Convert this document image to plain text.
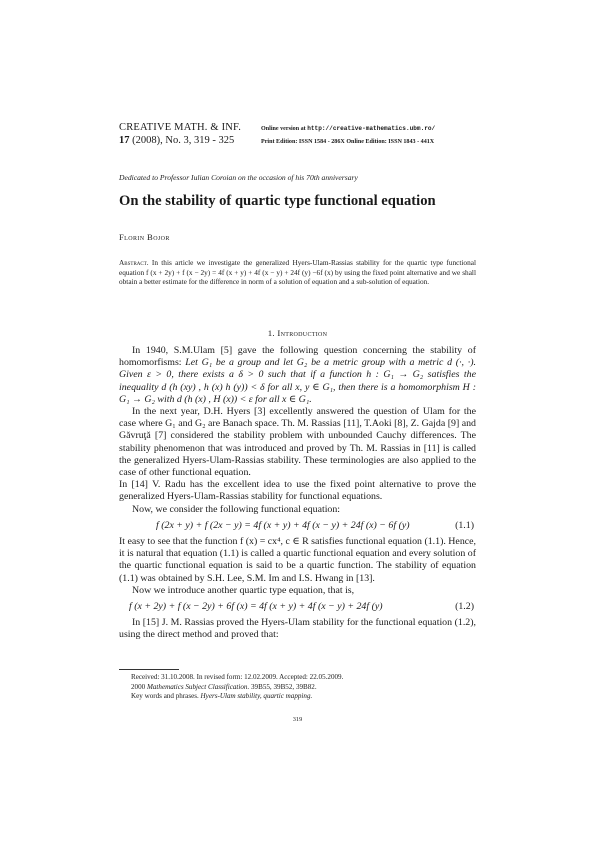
CREATIVE MATH. & INF.
17 (2008), No. 3, 319 - 325
Online version at http://creative-mathematics.ubm.ro/
Print Edition: ISSN 1584 - 286X Online Edition: ISSN 1843 - 441X
Dedicated to Professor Iulian Coroian on the occasion of his 70th anniversary
On the stability of quartic type functional equation
Florin Bojor
Abstract. In this article we investigate the generalized Hyers-Ulam-Rassias stability for the quartic type functional equation f (x + 2y) + f (x − 2y) = 4f (x + y) + 4f (x − y) + 24f (y) −6f (x) by using the fixed point alternative and we shall obtain a better estimate for the difference in norm of a solution of equation and a sub-solution of equation.
1. Introduction

In 1940, S.M.Ulam [5] gave the following question concerning the stability of homomorfisms: Let G₁ be a group and let G₂ be a metric group with a metric d (·, ·). Given ε > 0, there exists a δ > 0 such that if a function h : G₁ → G₂ satisfies the inequality d (h (xy) , h (x) h (y)) < δ for all x, y ∈ G₁, then there is a homomorphism H : G₁ → G₂ with d (h (x) , H (x)) < ε for all x ∈ G₁.

In the next year, D.H. Hyers [3] excellently answered the question of Ulam for the case where G₁ and G₂ are Banach space. Th. M. Rassias [11], T.Aoki [8], Z. Gajda [9] and Găvruţă [7] considered the stability problem with unbounded Cauchy differences. The stability phenomenon that was introduced and proved by Th. M. Rassias in [11] is called the generalized Hyers-Ulam-Rassias stability. These terminologies are also applied to the case of other functional equation.

In [14] V. Radu has the excellent idea to use the fixed point alternative to prove the generalized Hyers-Ulam-Rassias stability for functional equations.

Now, we consider the following functional equation:

f (2x + y) + f (2x − y) = 4f (x + y) + 4f (x − y) + 24f (x) − 6f (y)	(1.1)

It easy to see that the function f (x) = cx⁴, c ∈ R satisfies functional equation (1.1). Hence, it is natural that equation (1.1) is called a quartic functional equation and every solution of the quartic functional equation is said to be a quartic function. The stability of equation (1.1) was obtained by S.H. Lee, S.M. Im and I.S. Hwang in [13].

Now we introduce another quartic type equation, that is,

f (x + 2y) + f (x − 2y) + 6f (x) = 4f (x + y) + 4f (x − y) + 24f (y)	(1.2)

In [15] J. M. Rassias proved the Hyers-Ulam stability for the functional equation (1.2), using the direct method and proved that:

Received: 31.10.2008. In revised form: 12.02.2009. Accepted: 22.05.2009.
2000 Mathematics Subject Classification. 39B55, 39B52, 39B82.
Key words and phrases. Hyers-Ulam stability, quartic mapping.
319
